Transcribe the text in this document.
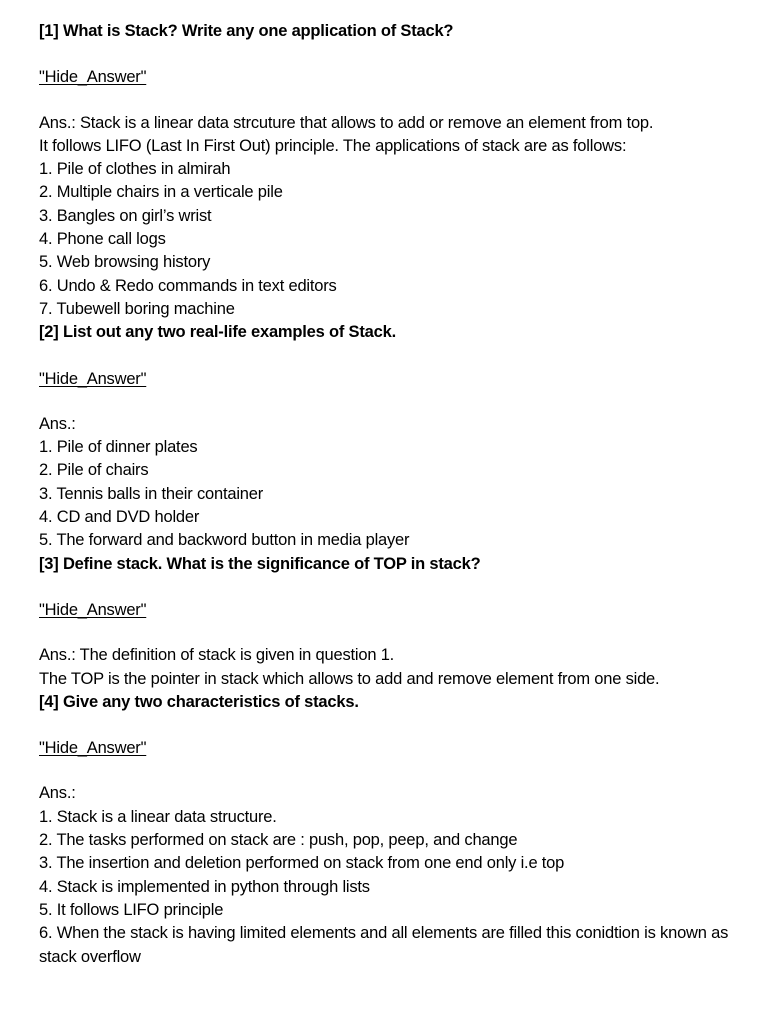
[1] What is Stack? Write any one application of Stack?
"Hide_Answer"
Ans.: Stack is a linear data strcuture that allows to add or remove an element from top.
It follows LIFO (Last In First Out) principle. The applications of stack are as follows:
1. Pile of clothes in almirah
2. Multiple chairs in a verticale pile
3. Bangles on girl’s wrist
4. Phone call logs
5. Web browsing history
6. Undo & Redo commands in text editors
7. Tubewell boring machine
[2] List out any two real-life examples of Stack.
"Hide_Answer"
Ans.:
1. Pile of dinner plates
2. Pile of chairs
3. Tennis balls in their container
4. CD and DVD holder
5. The forward and backword button in media player
[3] Define stack. What is the significance of TOP in stack?
"Hide_Answer"
Ans.: The definition of stack is given in question 1.
The TOP is the pointer in stack which allows to add and remove element from one side.
[4] Give any two characteristics of stacks.
"Hide_Answer"
Ans.:
1. Stack is a linear data structure.
2. The tasks performed on stack are : push, pop, peep, and change
3. The insertion and deletion performed on stack from one end only i.e top
4. Stack is implemented in python through lists
5. It follows LIFO principle
6. When the stack is having limited elements and all elements are filled this conidtion is known as stack overflow
